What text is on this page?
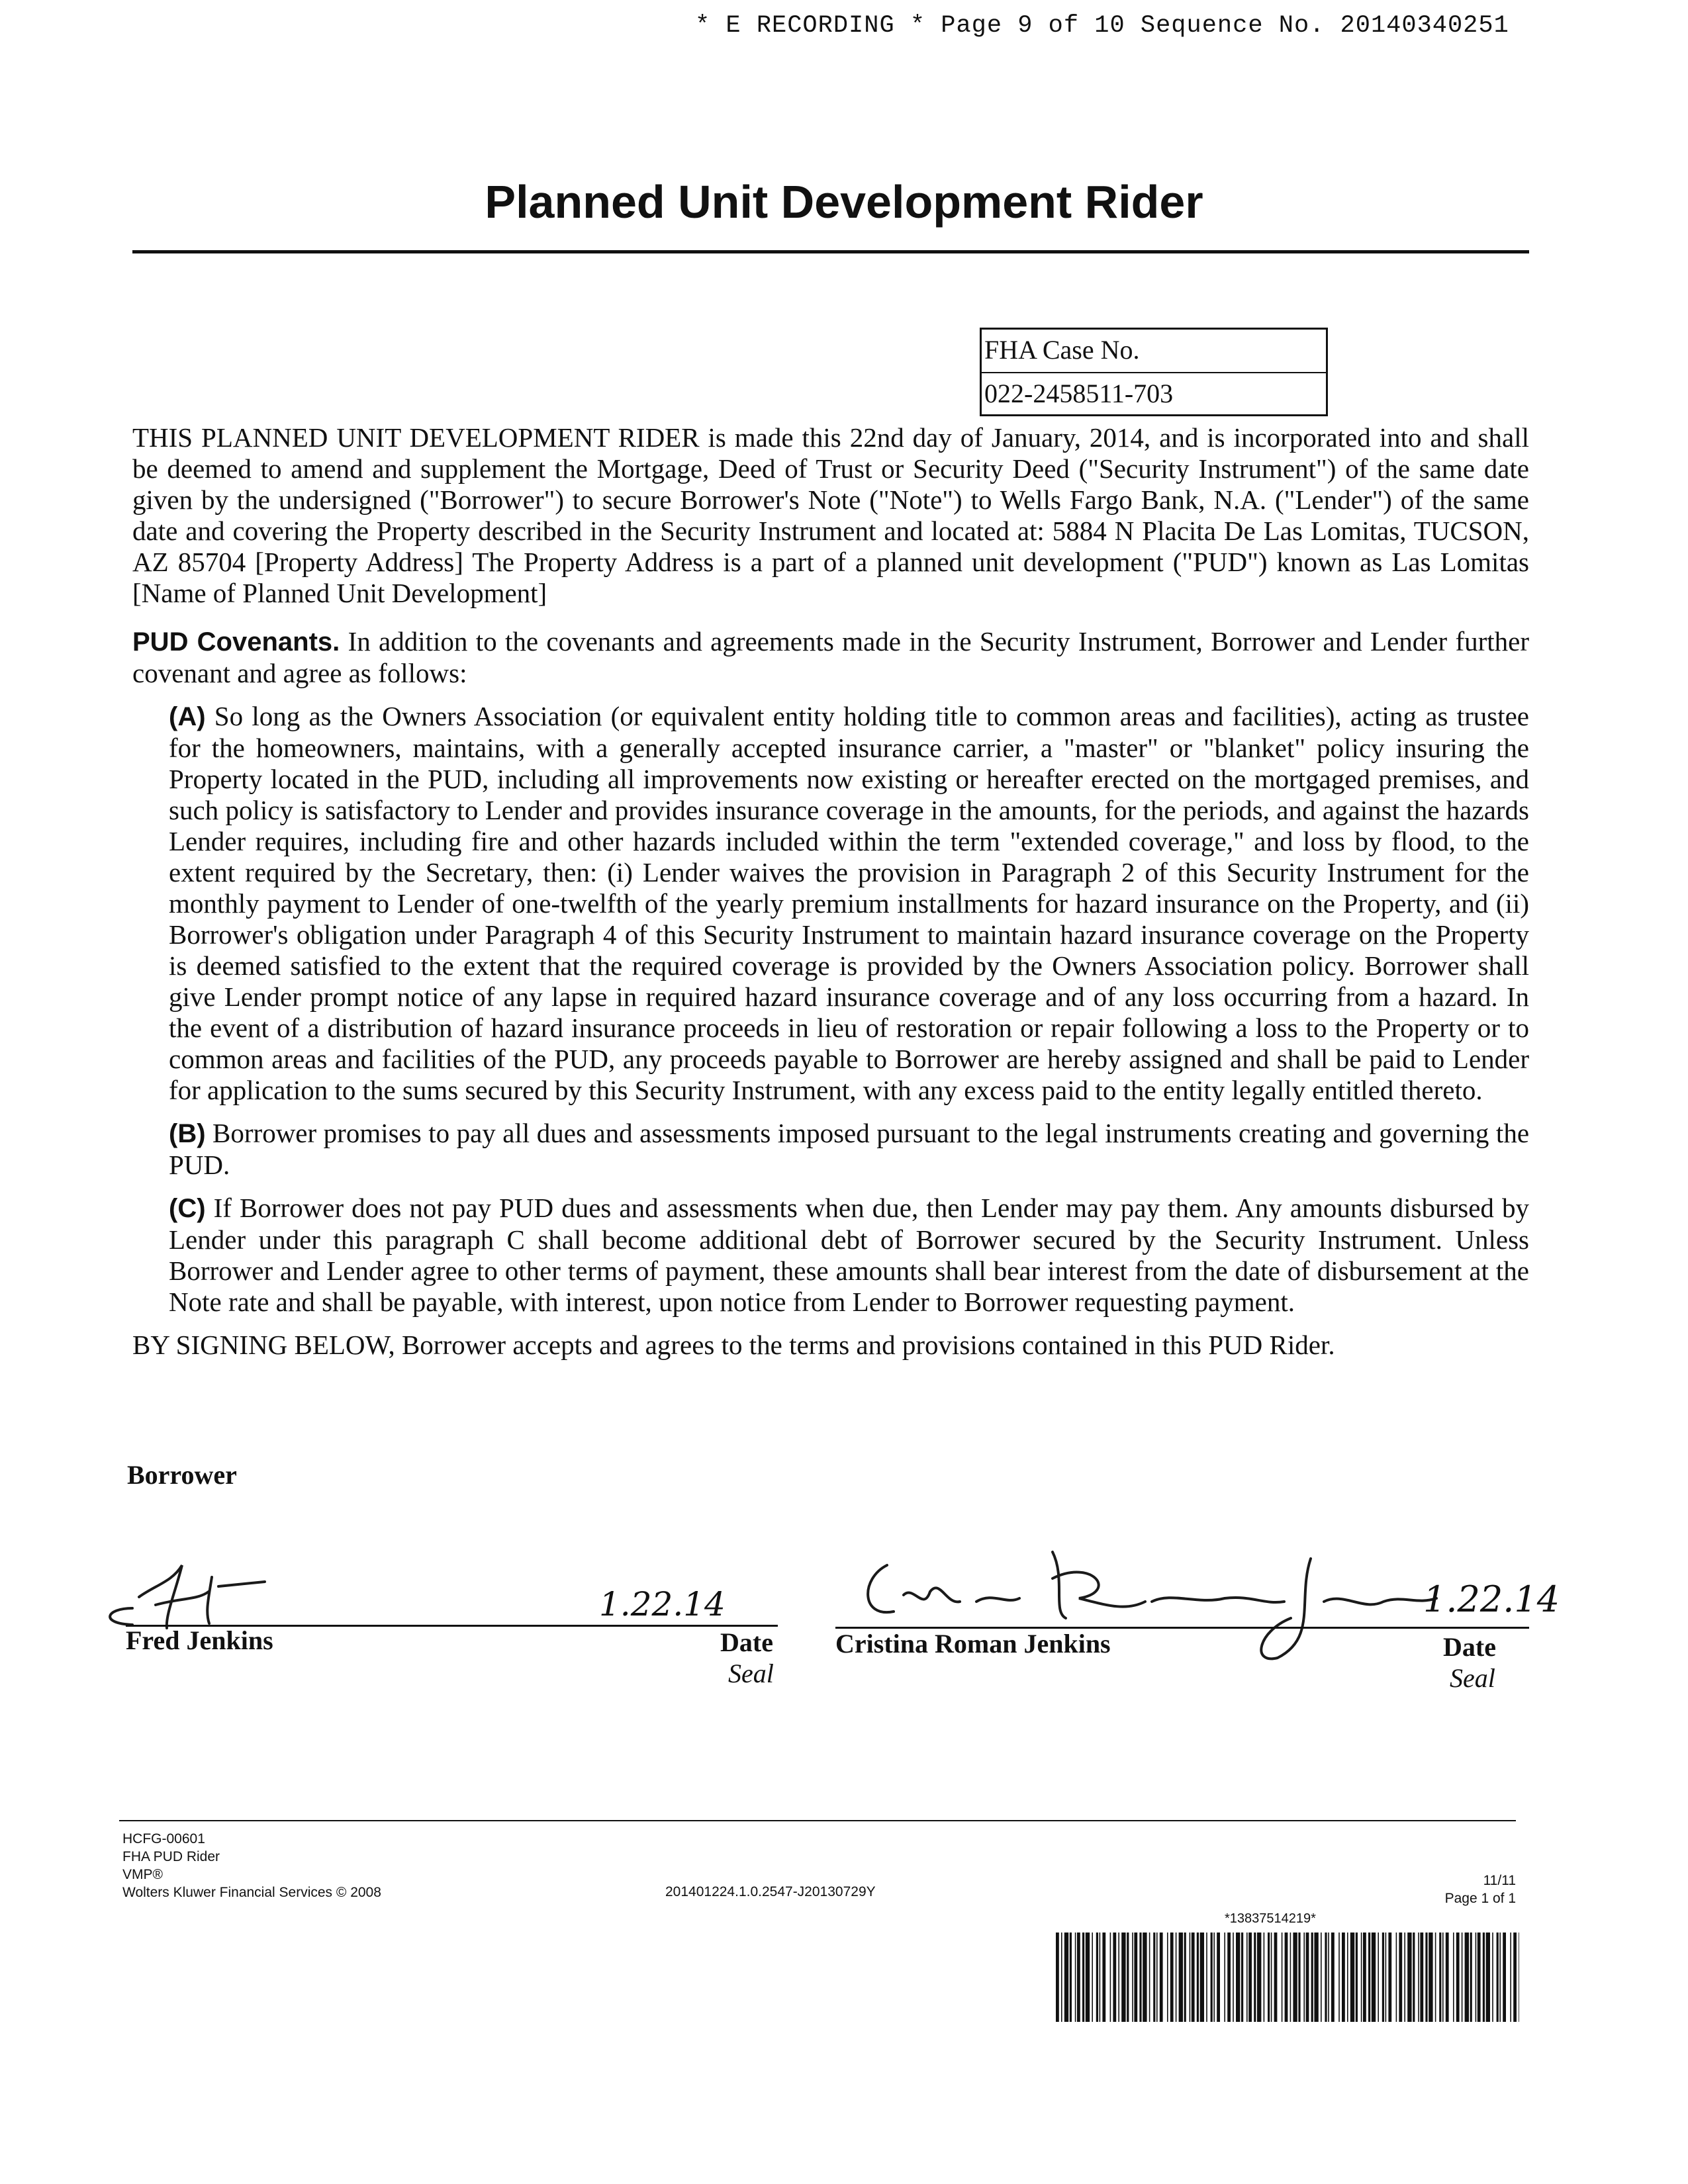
* E RECORDING * Page 9 of 10 Sequence No. 20140340251
Planned Unit Development Rider
FHA Case No.
022-2458511-703

THIS PLANNED UNIT DEVELOPMENT RIDER is made this 22nd day of January, 2014, and is incorporated into and shall be deemed to amend and supplement the Mortgage, Deed of Trust or Security Deed ("Security Instrument") of the same date given by the undersigned ("Borrower") to secure Borrower's Note ("Note") to Wells Fargo Bank, N.A. ("Lender") of the same date and covering the Property described in the Security Instrument and located at: 5884 N Placita De Las Lomitas, TUCSON, AZ 85704 [Property Address] The Property Address is a part of a planned unit development ("PUD") known as Las Lomitas [Name of Planned Unit Development]

PUD Covenants. In addition to the covenants and agreements made in the Security Instrument, Borrower and Lender further covenant and agree as follows:

(A) So long as the Owners Association (or equivalent entity holding title to common areas and facilities), acting as trustee for the homeowners, maintains, with a generally accepted insurance carrier, a "master" or "blanket" policy insuring the Property located in the PUD, including all improvements now existing or hereafter erected on the mortgaged premises, and such policy is satisfactory to Lender and provides insurance coverage in the amounts, for the periods, and against the hazards Lender requires, including fire and other hazards included within the term "extended coverage," and loss by flood, to the extent required by the Secretary, then: (i) Lender waives the provision in Paragraph 2 of this Security Instrument for the monthly payment to Lender of one-twelfth of the yearly premium installments for hazard insurance on the Property, and (ii) Borrower's obligation under Paragraph 4 of this Security Instrument to maintain hazard insurance coverage on the Property is deemed satisfied to the extent that the required coverage is provided by the Owners Association policy. Borrower shall give Lender prompt notice of any lapse in required hazard insurance coverage and of any loss occurring from a hazard. In the event of a distribution of hazard insurance proceeds in lieu of restoration or repair following a loss to the Property or to common areas and facilities of the PUD, any proceeds payable to Borrower are hereby assigned and shall be paid to Lender for application to the sums secured by this Security Instrument, with any excess paid to the entity legally entitled thereto.

(B) Borrower promises to pay all dues and assessments imposed pursuant to the legal instruments creating and governing the PUD.

(C) If Borrower does not pay PUD dues and assessments when due, then Lender may pay them. Any amounts disbursed by Lender under this paragraph C shall become additional debt of Borrower secured by the Security Instrument. Unless Borrower and Lender agree to other terms of payment, these amounts shall bear interest from the date of disbursement at the Note rate and shall be payable, with interest, upon notice from Lender to Borrower requesting payment.

BY SIGNING BELOW, Borrower accepts and agrees to the terms and provisions contained in this PUD Rider.

Borrower
1.22.14
Fred Jenkins	Date
Seal
1.22.14
Cristina Roman Jenkins	Date
Seal
HCFG-00601
FHA PUD Rider
VMP®
Wolters Kluwer Financial Services © 2008	201401224.1.0.2547-J20130729Y
11/11
Page 1 of 1
*13837514219*
